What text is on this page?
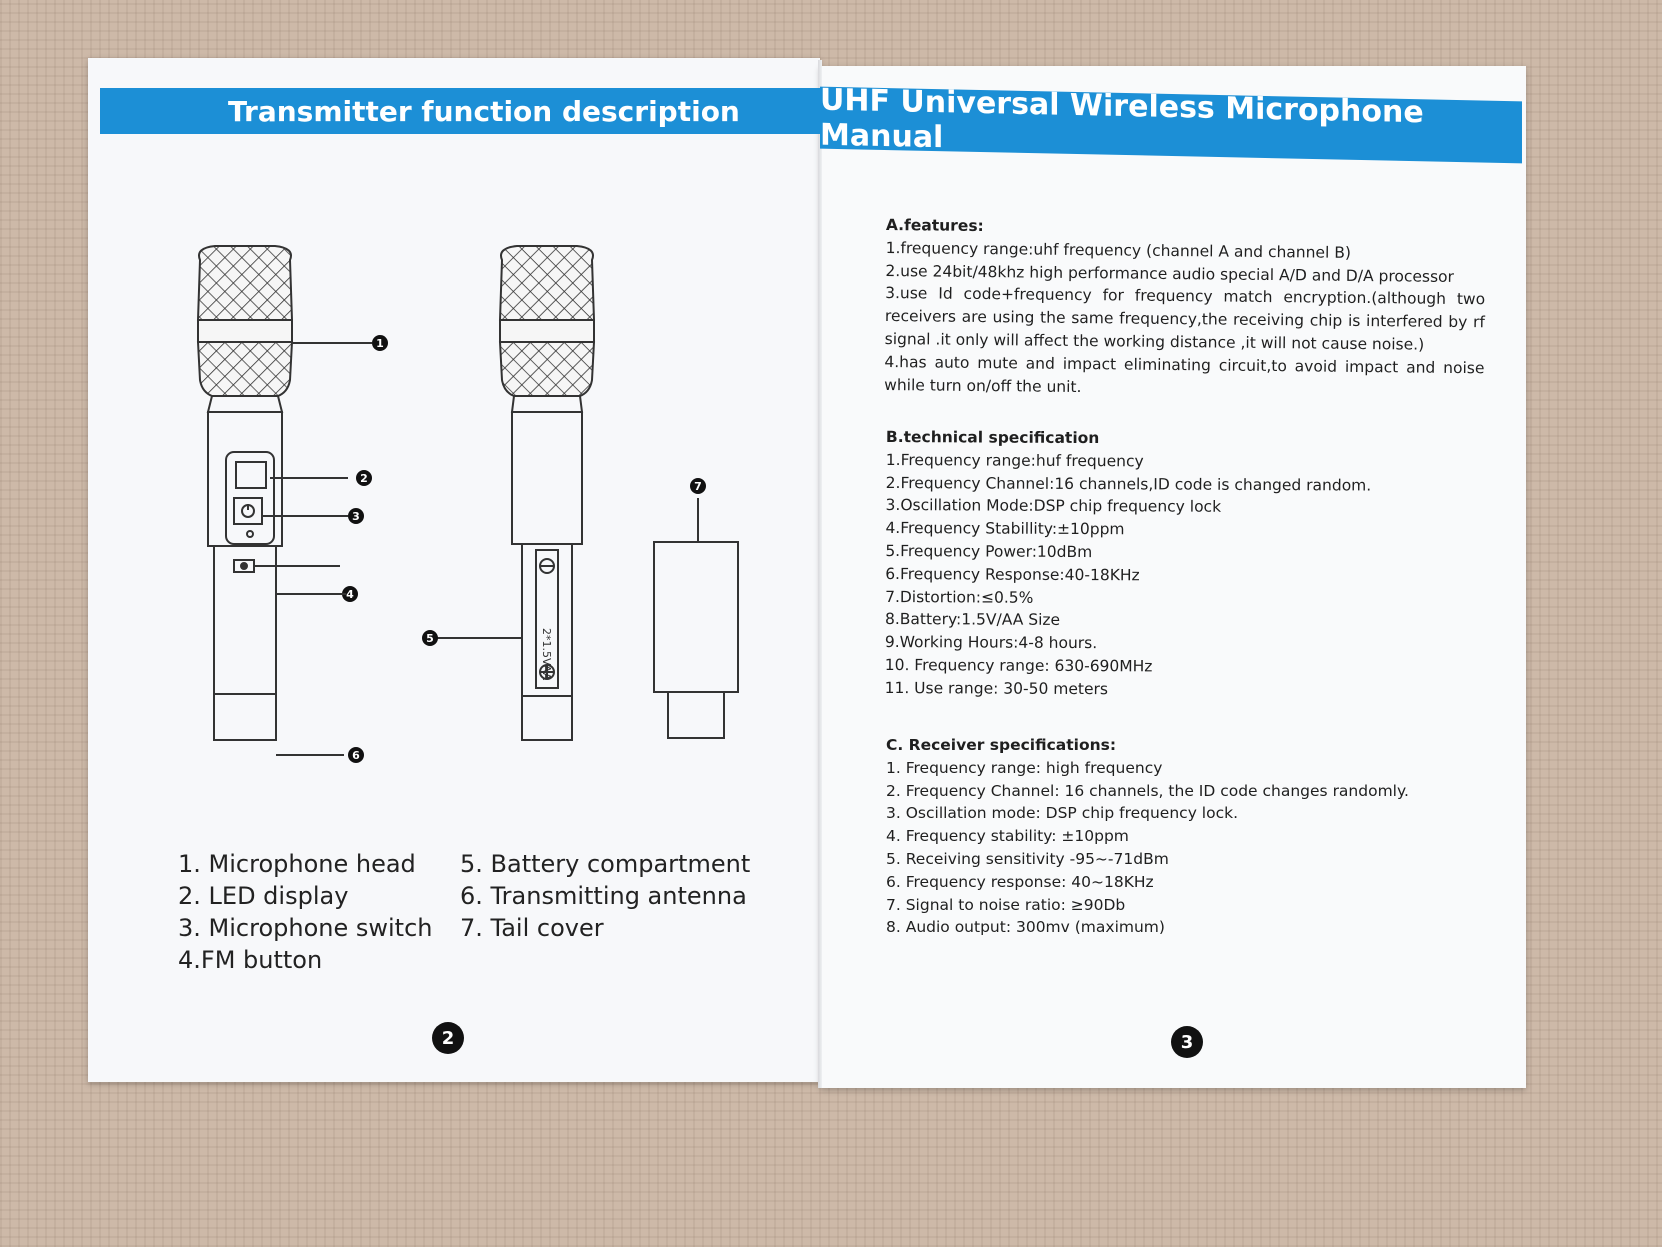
Transmitter function description	UHF Universal Wireless Microphone Manual
2*1.5VAA
1
2
3
4
5
6
7
1. Microphone head
2. LED display
3. Microphone switch
4.FM button
5. Battery compartment
6. Transmitting antenna
7. Tail cover
2
A.features:
1.frequency range:uhf frequency (channel A and channel B)
2.use 24bit/48khz high performance audio special A/D and D/A processor
3.use Id code+frequency for frequency match encryption.(although two receivers are using the same frequency,the receiving chip is interfered by rf signal .it only will affect the working distance ,it will not cause noise.)
4.has auto mute and impact eliminating circuit,to avoid impact and noise while turn on/off the unit.
B.technical specification
1.Frequency range:huf frequency
2.Frequency Channel:16 channels,ID code is changed random.
3.Oscillation Mode:DSP chip frequency lock
4.Frequency Stabillity:±10ppm
5.Frequency Power:10dBm
6.Frequency Response:40-18KHz
7.Distortion:≤0.5%
8.Battery:1.5V/AA Size
9.Working Hours:4-8 hours.
10. Frequency range: 630-690MHz
11. Use range: 30-50 meters
C. Receiver specifications:
1. Frequency range: high frequency
2. Frequency Channel: 16 channels, the ID code changes randomly.
3. Oscillation mode: DSP chip frequency lock.
4. Frequency stability: ±10ppm
5. Receiving sensitivity -95~-71dBm
6. Frequency response: 40~18KHz
7. Signal to noise ratio: ≥90Db
8. Audio output: 300mv (maximum)
3
